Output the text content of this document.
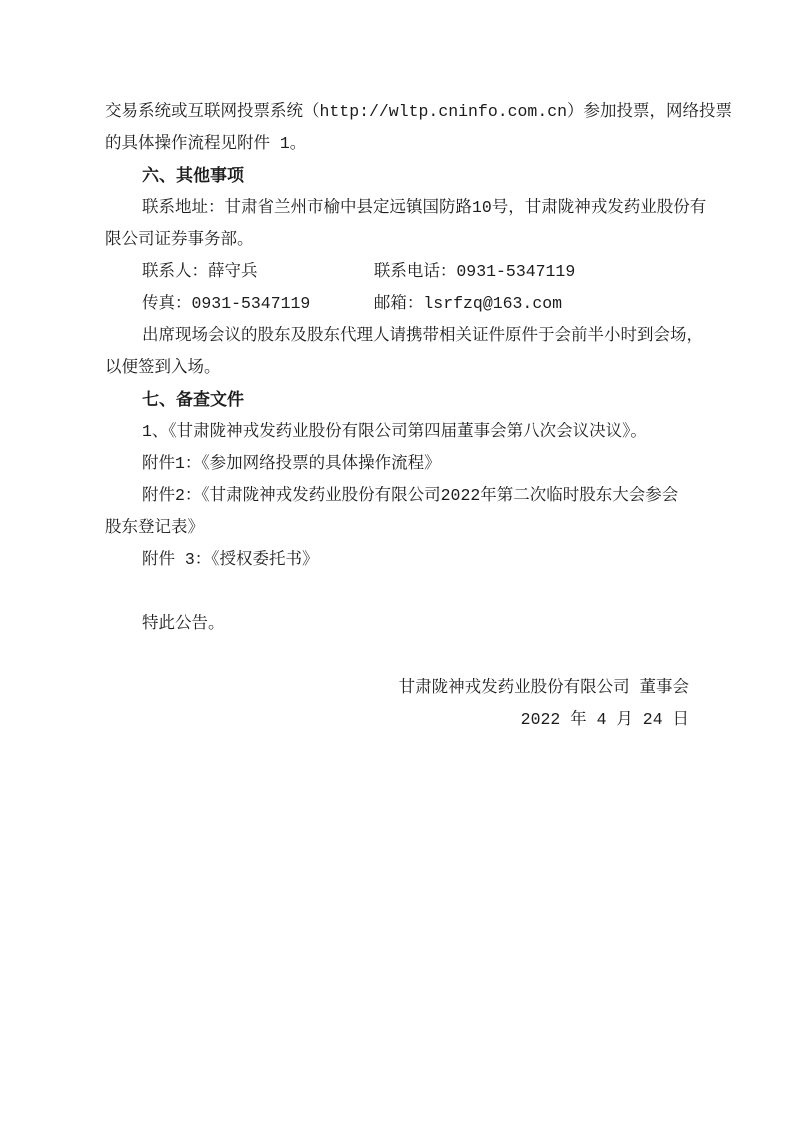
交易系统或互联网投票系统（http://wltp.cninfo.com.cn）参加投票，网络投票
的具体操作流程见附件 1。
六、其他事项
联系地址：甘肃省兰州市榆中县定远镇国防路10号，甘肃陇神戎发药业股份有
限公司证券事务部。
联系人：薛守兵	联系电话：0931-5347119
传真：0931-5347119	邮箱：lsrfzq@163.com
出席现场会议的股东及股东代理人请携带相关证件原件于会前半小时到会场，
以便签到入场。
七、备查文件
1、《甘肃陇神戎发药业股份有限公司第四届董事会第八次会议决议》。
附件1：《参加网络投票的具体操作流程》
附件2：《甘肃陇神戎发药业股份有限公司2022年第二次临时股东大会参会
股东登记表》
附件 3：《授权委托书》
特此公告。
甘肃陇神戎发药业股份有限公司 董事会
2022 年 4 月 24 日
